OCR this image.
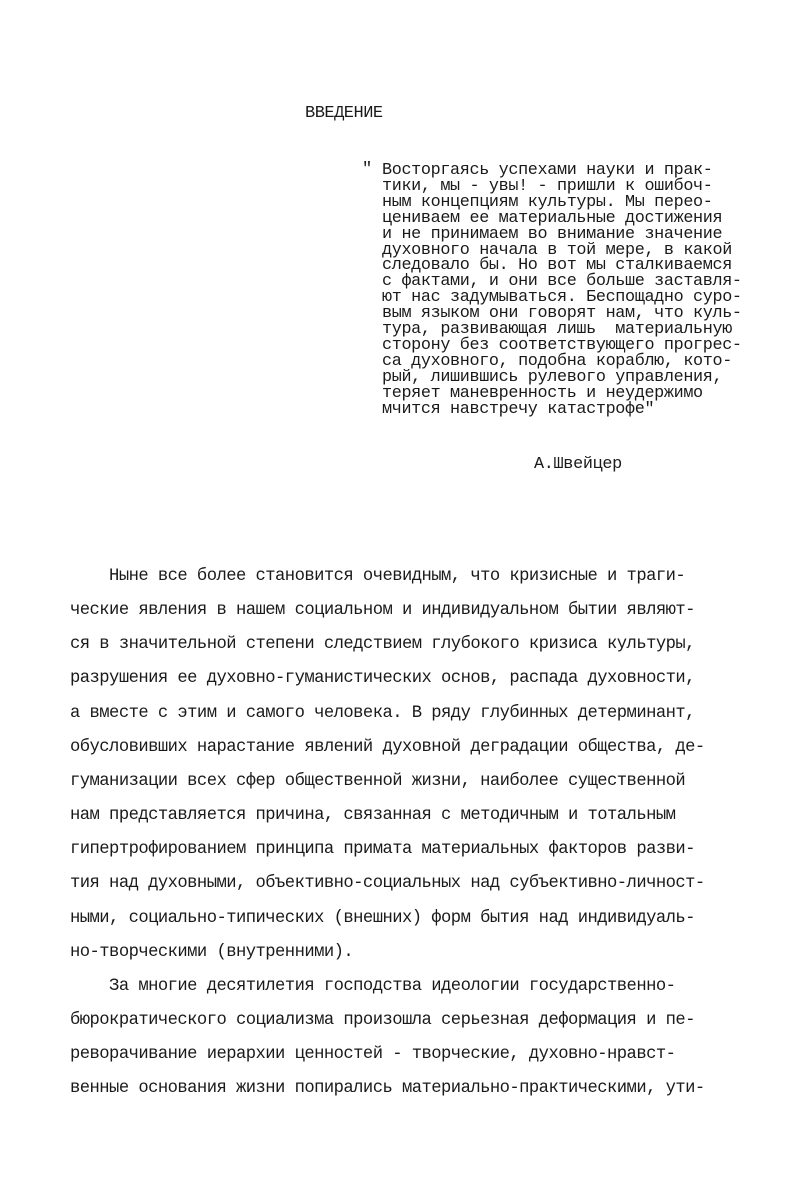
ВВЕДЕНИЕ
" Восторгаясь успехами науки и прак-
тики, мы - увы! - пришли к ошибоч-
ным концепциям культуры. Мы перео-
цениваем ее материальные достижения
и не принимаем во внимание значение
духовного начала в той мере, в какой
следовало бы. Но вот мы сталкиваемся
с фактами, и они все больше заставля-
ют нас задумываться. Беспощадно суро-
вым языком они говорят нам, что куль-
тура, развивающая лишь  материальную
сторону без соответствующего прогрес-
са духовного, подобна кораблю, кото-
рый, лишившись рулевого управления,
теряет маневренность и неудержимо
мчится навстречу катастрофе"
А.Швейцер
Ныне все более становится очевидным, что кризисные и траги-
ческие явления в нашем социальном и индивидуальном бытии являют-
ся в значительной степени следствием глубокого кризиса культуры,
разрушения ее духовно-гуманистических основ, распада духовности,
а вместе с этим и самого человека. В ряду глубинных детерминант,
обусловивших нарастание явлений духовной деградации общества, де-
гуманизации всех сфер общественной жизни, наиболее существенной
нам представляется причина, связанная с методичным и тотальным
гипертрофированием принципа примата материальных факторов разви-
тия над духовными, объективно-социальных над субъективно-личност-
ными, социально-типических (внешних) форм бытия над индивидуаль-
но-творческими (внутренними).
За многие десятилетия господства идеологии государственно-
бюрократического социализма произошла серьезная деформация и пе-
реворачивание иерархии ценностей - творческие, духовно-нравст-
венные основания жизни попирались материально-практическими, ути-
